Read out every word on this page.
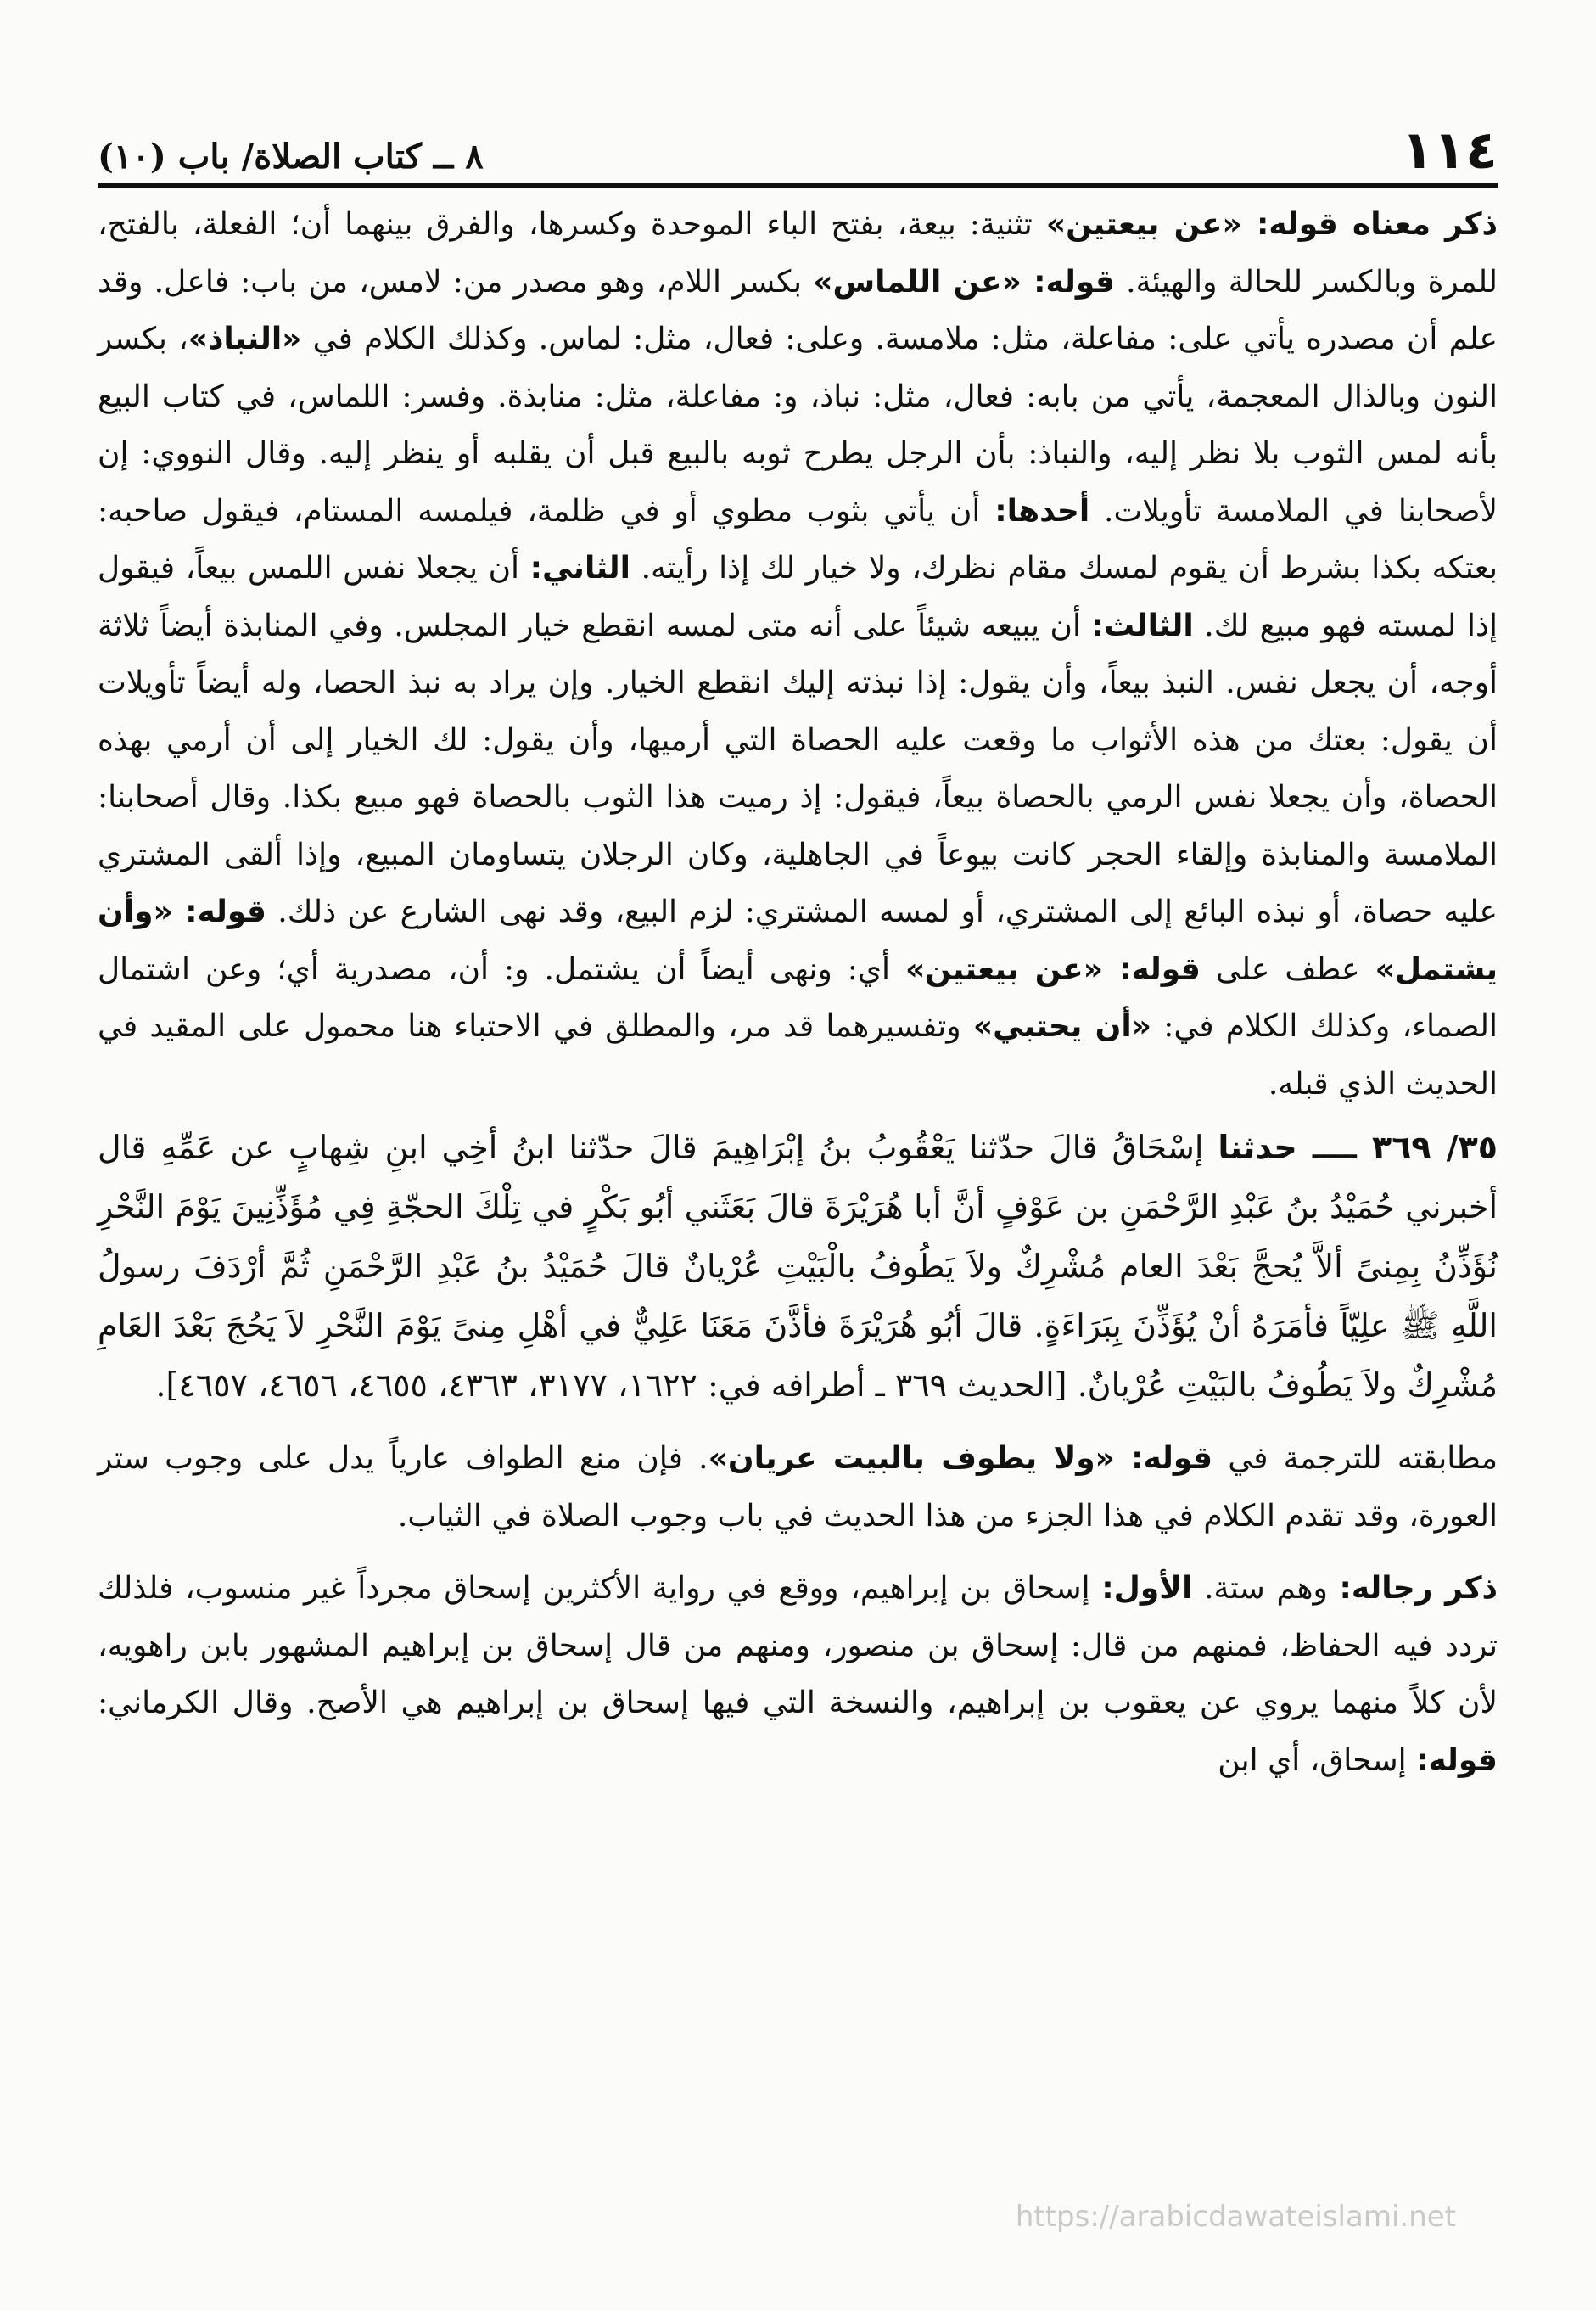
١١٤
٨ ــ كتاب الصلاة/ باب (١٠)

ذكر معناه قوله: «عن بيعتين» تثنية: بيعة، بفتح الباء الموحدة وكسرها، والفرق بينهما أن؛ الفعلة، بالفتح، للمرة وبالكسر للحالة والهيئة. قوله: «عن اللماس» بكسر اللام، وهو مصدر من: لامس، من باب: فاعل. وقد علم أن مصدره يأتي على: مفاعلة، مثل: ملامسة. وعلى: فعال، مثل: لماس. وكذلك الكلام في «النباذ»، بكسر النون وبالذال المعجمة، يأتي من بابه: فعال، مثل: نباذ، و: مفاعلة، مثل: منابذة. وفسر: اللماس، في كتاب البيع بأنه لمس الثوب بلا نظر إليه، والنباذ: بأن الرجل يطرح ثوبه بالبيع قبل أن يقلبه أو ينظر إليه. وقال النووي: إن لأصحابنا في الملامسة تأويلات. أحدها: أن يأتي بثوب مطوي أو في ظلمة، فيلمسه المستام، فيقول صاحبه: بعتكه بكذا بشرط أن يقوم لمسك مقام نظرك، ولا خيار لك إذا رأيته. الثاني: أن يجعلا نفس اللمس بيعاً، فيقول إذا لمسته فهو مبيع لك. الثالث: أن يبيعه شيئاً على أنه متى لمسه انقطع خيار المجلس. وفي المنابذة أيضاً ثلاثة أوجه، أن يجعل نفس. النبذ بيعاً، وأن يقول: إذا نبذته إليك انقطع الخيار. وإن يراد به نبذ الحصا، وله أيضاً تأويلات أن يقول: بعتك من هذه الأثواب ما وقعت عليه الحصاة التي أرميها، وأن يقول: لك الخيار إلى أن أرمي بهذه الحصاة، وأن يجعلا نفس الرمي بالحصاة بيعاً، فيقول: إذ رميت هذا الثوب بالحصاة فهو مبيع بكذا. وقال أصحابنا: الملامسة والمنابذة وإلقاء الحجر كانت بيوعاً في الجاهلية، وكان الرجلان يتساومان المبيع، وإذا ألقى المشتري عليه حصاة، أو نبذه البائع إلى المشتري، أو لمسه المشتري: لزم البيع، وقد نهى الشارع عن ذلك. قوله: «وأن يشتمل» عطف على قوله: «عن بيعتين» أي: ونهى أيضاً أن يشتمل. و: أن، مصدرية أي؛ وعن اشتمال الصماء، وكذلك الكلام في: «أن يحتبي» وتفسيرهما قد مر، والمطلق في الاحتباء هنا محمول على المقيد في الحديث الذي قبله.

٣٥/ ٣٦٩ ــــ حدثنا إسْحَاقُ قالَ حدّثنا يَعْقُوبُ بنُ إبْرَاهِيمَ قالَ حدّثنا ابنُ أخِي ابنِ شِهابٍ عن عَمِّهِ قال أخبرني حُمَيْدُ بنُ عَبْدِ الرَّحْمَنِ بن عَوْفٍ أنَّ أبا هُرَيْرَةَ قالَ بَعَثَني أبُو بَكْرٍ في تِلْكَ الحجّةِ فِي مُؤَذِّنِينَ يَوْمَ النَّحْرِ نُؤَذِّنُ بِمِنىً ألاَّ يُحجَّ بَعْدَ العام مُشْرِكٌ ولاَ يَطُوفُ بالْبَيْتِ عُرْيانٌ قالَ حُمَيْدُ بنُ عَبْدِ الرَّحْمَنِ ثُمَّ أرْدَفَ رسولُ اللَّهِ ﷺ علِيّاً فأمَرَهُ أنْ يُؤَذِّنَ بِبَرَاءَةٍ. قالَ أبُو هُرَيْرَةَ فأذَّنَ مَعَنَا عَلِيٌّ في أهْلِ مِنىً يَوْمَ النَّحْرِ لاَ يَحُجَ بَعْدَ العَامِ مُشْرِكٌ ولاَ يَطُوفُ بالبَيْتِ عُرْيانٌ. [الحديث ٣٦٩ ـ أطرافه في: ١٦٢٢، ٣١٧٧، ٤٣٦٣، ٤٦٥٥، ٤٦٥٦، ٤٦٥٧].

مطابقته للترجمة في قوله: «ولا يطوف بالبيت عريان». فإن منع الطواف عارياً يدل على وجوب ستر العورة، وقد تقدم الكلام في هذا الجزء من هذا الحديث في باب وجوب الصلاة في الثياب.

ذكر رجاله: وهم ستة. الأول: إسحاق بن إبراهيم، ووقع في رواية الأكثرين إسحاق مجرداً غير منسوب، فلذلك تردد فيه الحفاظ، فمنهم من قال: إسحاق بن منصور، ومنهم من قال إسحاق بن إبراهيم المشهور بابن راهويه، لأن كلاً منهما يروي عن يعقوب بن إبراهيم، والنسخة التي فيها إسحاق بن إبراهيم هي الأصح. وقال الكرماني: قوله: إسحاق، أي ابن

https://arabicdawateislami.net
